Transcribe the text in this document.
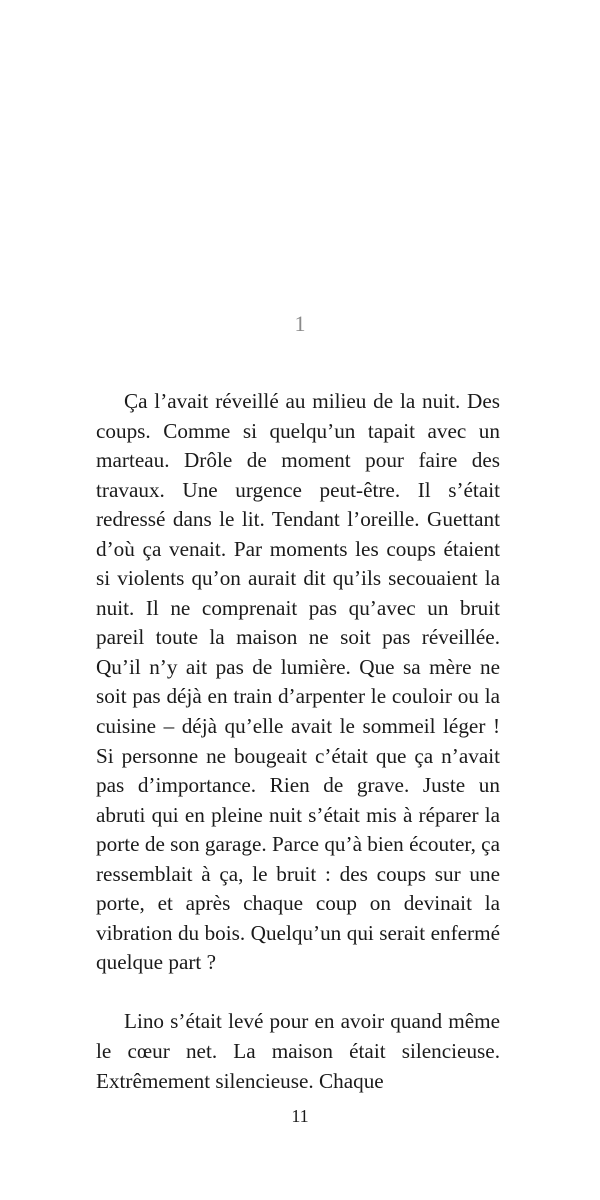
1

Ça l’avait réveillé au milieu de la nuit. Des coups. Comme si quelqu’un tapait avec un marteau. Drôle de moment pour faire des travaux. Une urgence peut-être. Il s’était redressé dans le lit. Tendant l’oreille. Guettant d’où ça venait. Par moments les coups étaient si violents qu’on aurait dit qu’ils secouaient la nuit. Il ne comprenait pas qu’avec un bruit pareil toute la maison ne soit pas réveillée. Qu’il n’y ait pas de lumière. Que sa mère ne soit pas déjà en train d’arpenter le couloir ou la cuisine – déjà qu’elle avait le sommeil léger ! Si personne ne bougeait c’était que ça n’avait pas d’importance. Rien de grave. Juste un abruti qui en pleine nuit s’était mis à réparer la porte de son garage. Parce qu’à bien écouter, ça ressemblait à ça, le bruit : des coups sur une porte, et après chaque coup on devinait la vibration du bois. Quelqu’un qui serait enfermé quelque part ?

Lino s’était levé pour en avoir quand même le cœur net. La maison était silencieuse. Extrêmement silencieuse. Chaque

11
